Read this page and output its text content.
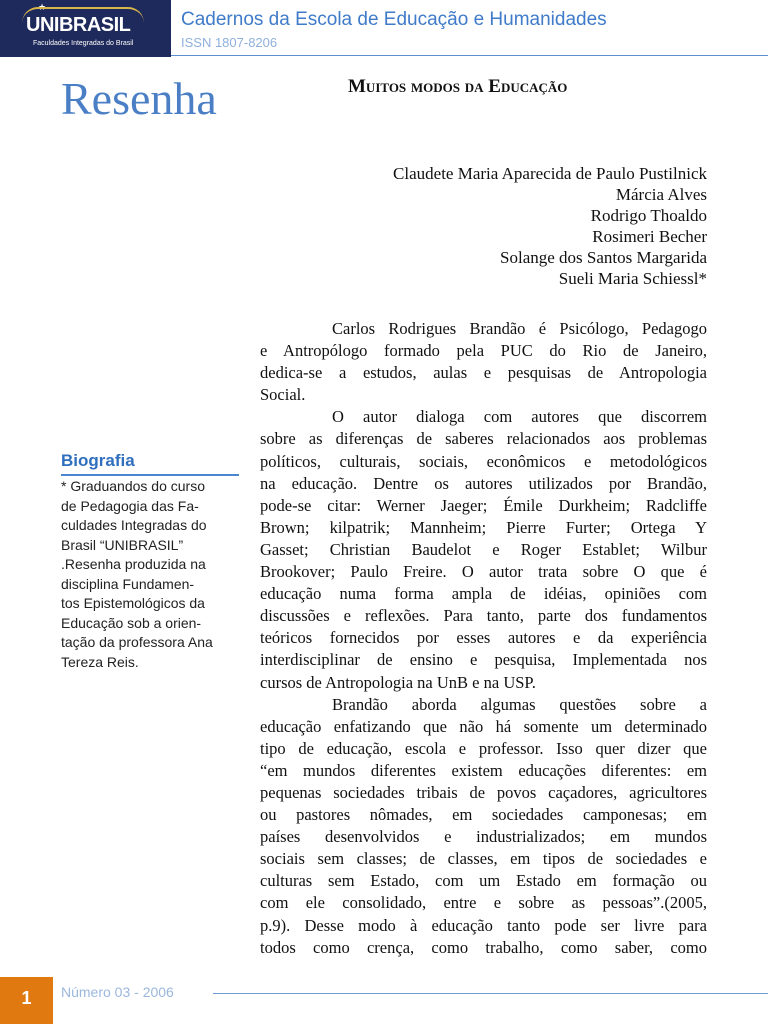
★
UNIBRASIL
Faculdades Integradas do Brasil
Cadernos da Escola de Educação e Humanidades
ISSN 1807-8206
Resenha	Muitos modos da Educação
Claudete Maria Aparecida de Paulo Pustilnick
Márcia Alves
Rodrigo Thoaldo
Rosimeri Becher
Solange dos Santos Margarida
Sueli Maria Schiessl*
Biografia
* Graduandos do curso
de Pedagogia das Fa-
culdades Integradas do
Brasil “UNIBRASIL”
.Resenha produzida na
disciplina Fundamen-
tos Epistemológicos da
Educação sob a orien-
tação da professora Ana
Tereza Reis.
Carlos Rodrigues Brandão é Psicólogo, Pedagogo
e Antropólogo formado pela PUC do Rio de Janeiro,
dedica-se a estudos, aulas e pesquisas de Antropologia
Social.
O autor dialoga com autores que discorrem
sobre as diferenças de saberes relacionados aos problemas
políticos, culturais, sociais, econômicos e metodológicos
na educação. Dentre os autores utilizados por Brandão,
pode-se citar: Werner Jaeger; Émile Durkheim; Radcliffe
Brown; kilpatrik; Mannheim; Pierre Furter; Ortega Y
Gasset; Christian Baudelot e Roger Establet; Wilbur
Brookover; Paulo Freire. O autor trata sobre O que é
educação numa forma ampla de idéias, opiniões com
discussões e reflexões. Para tanto, parte dos fundamentos
teóricos fornecidos por esses autores e da experiência
interdisciplinar de ensino e pesquisa, Implementada nos
cursos de Antropologia na UnB e na USP.
Brandão aborda algumas questões sobre a
educação enfatizando que não há somente um determinado
tipo de educação, escola e professor. Isso quer dizer que
“em mundos diferentes existem educações diferentes: em
pequenas sociedades tribais de povos caçadores, agricultores
ou pastores nômades, em sociedades camponesas; em
países desenvolvidos e industrializados; em mundos
sociais sem classes; de classes, em tipos de sociedades e
culturas sem Estado, com um Estado em formação ou
com ele consolidado, entre e sobre as pessoas”.(2005,
p.9). Desse modo à educação tanto pode ser livre para
todos como crença, como trabalho, como saber, como
1	Número 03 - 2006
